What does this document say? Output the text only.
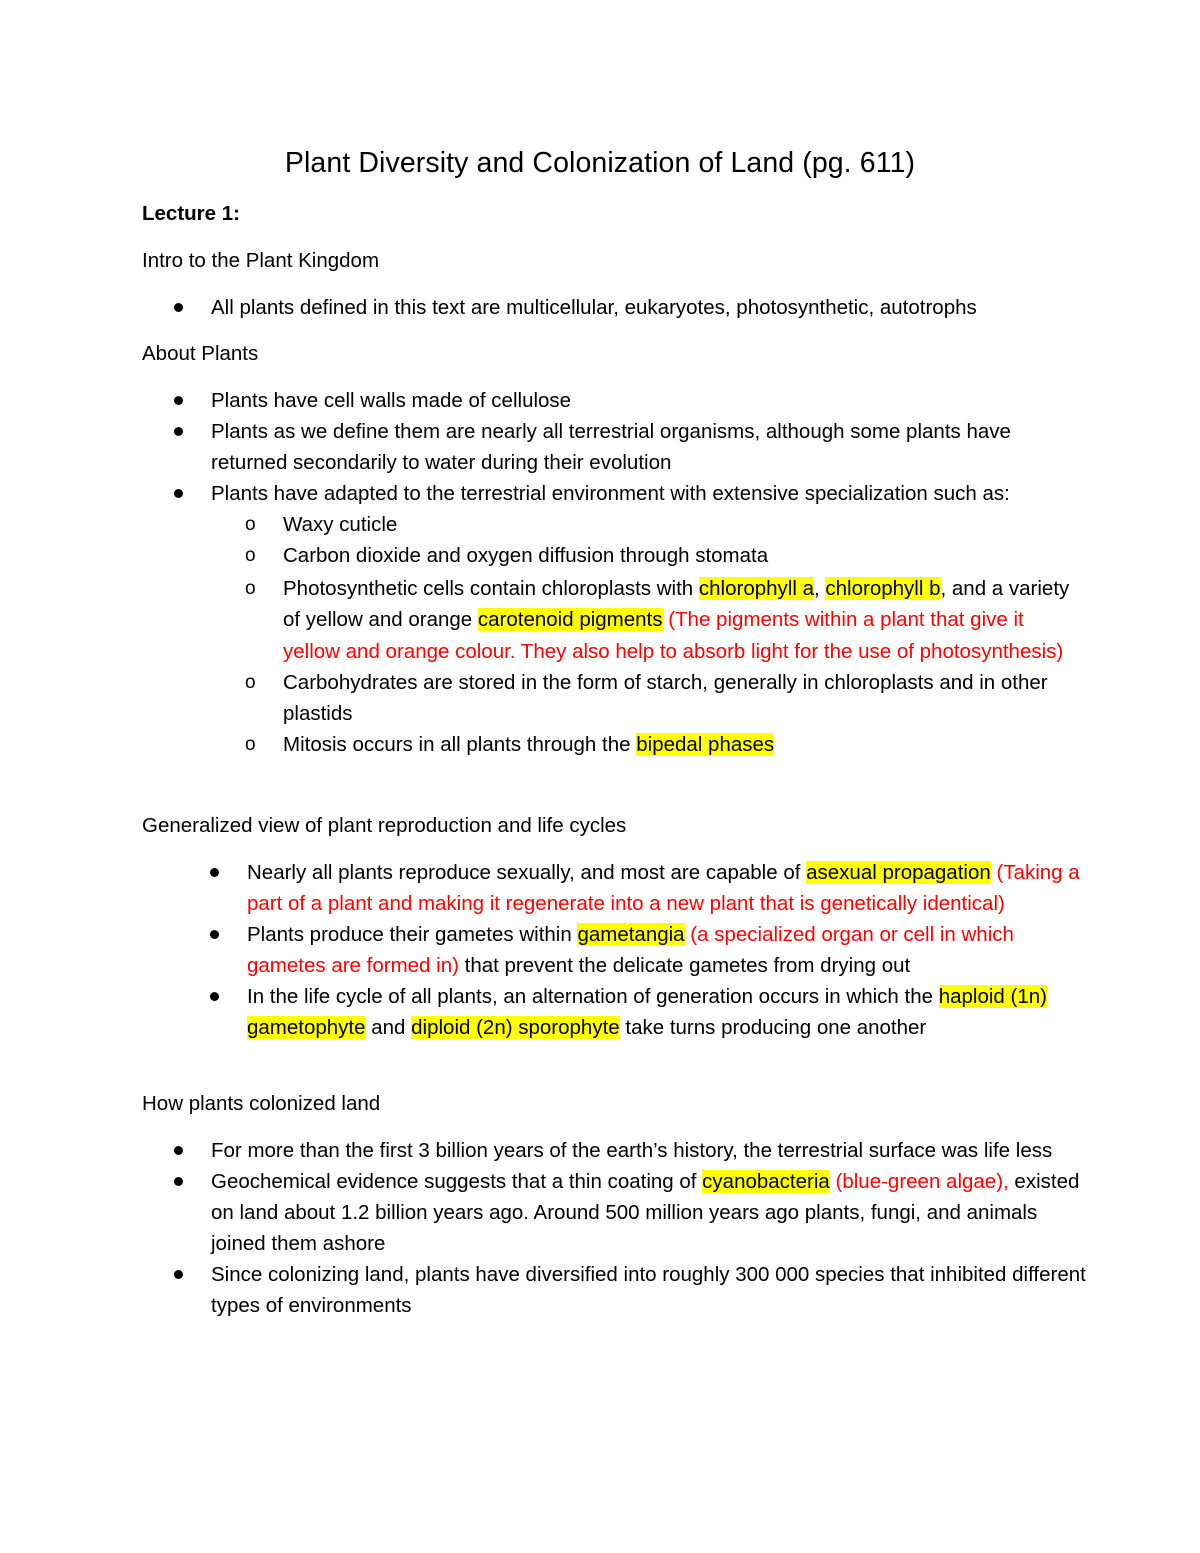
Plant Diversity and Colonization of Land (pg. 611)
Lecture 1:
Intro to the Plant Kingdom
All plants defined in this text are multicellular, eukaryotes, photosynthetic, autotrophs
About Plants
Plants have cell walls made of cellulose
Plants as we define them are nearly all terrestrial organisms, although some plants have returned secondarily to water during their evolution
Plants have adapted to the terrestrial environment with extensive specialization such as:
o Waxy cuticle
o Carbon dioxide and oxygen diffusion through stomata
o Photosynthetic cells contain chloroplasts with chlorophyll a, chlorophyll b, and a variety of yellow and orange carotenoid pigments (The pigments within a plant that give it yellow and orange colour. They also help to absorb light for the use of photosynthesis)
o Carbohydrates are stored in the form of starch, generally in chloroplasts and in other plastids
o Mitosis occurs in all plants through the bipedal phases
Generalized view of plant reproduction and life cycles
Nearly all plants reproduce sexually, and most are capable of asexual propagation (Taking a part of a plant and making it regenerate into a new plant that is genetically identical)
Plants produce their gametes within gametangia (a specialized organ or cell in which gametes are formed in) that prevent the delicate gametes from drying out
In the life cycle of all plants, an alternation of generation occurs in which the haploid (1n) gametophyte and diploid (2n) sporophyte take turns producing one another
How plants colonized land
For more than the first 3 billion years of the earth’s history, the terrestrial surface was life less
Geochemical evidence suggests that a thin coating of cyanobacteria (blue-green algae), existed on land about 1.2 billion years ago. Around 500 million years ago plants, fungi, and animals joined them ashore
Since colonizing land, plants have diversified into roughly 300 000 species that inhibited different types of environments
